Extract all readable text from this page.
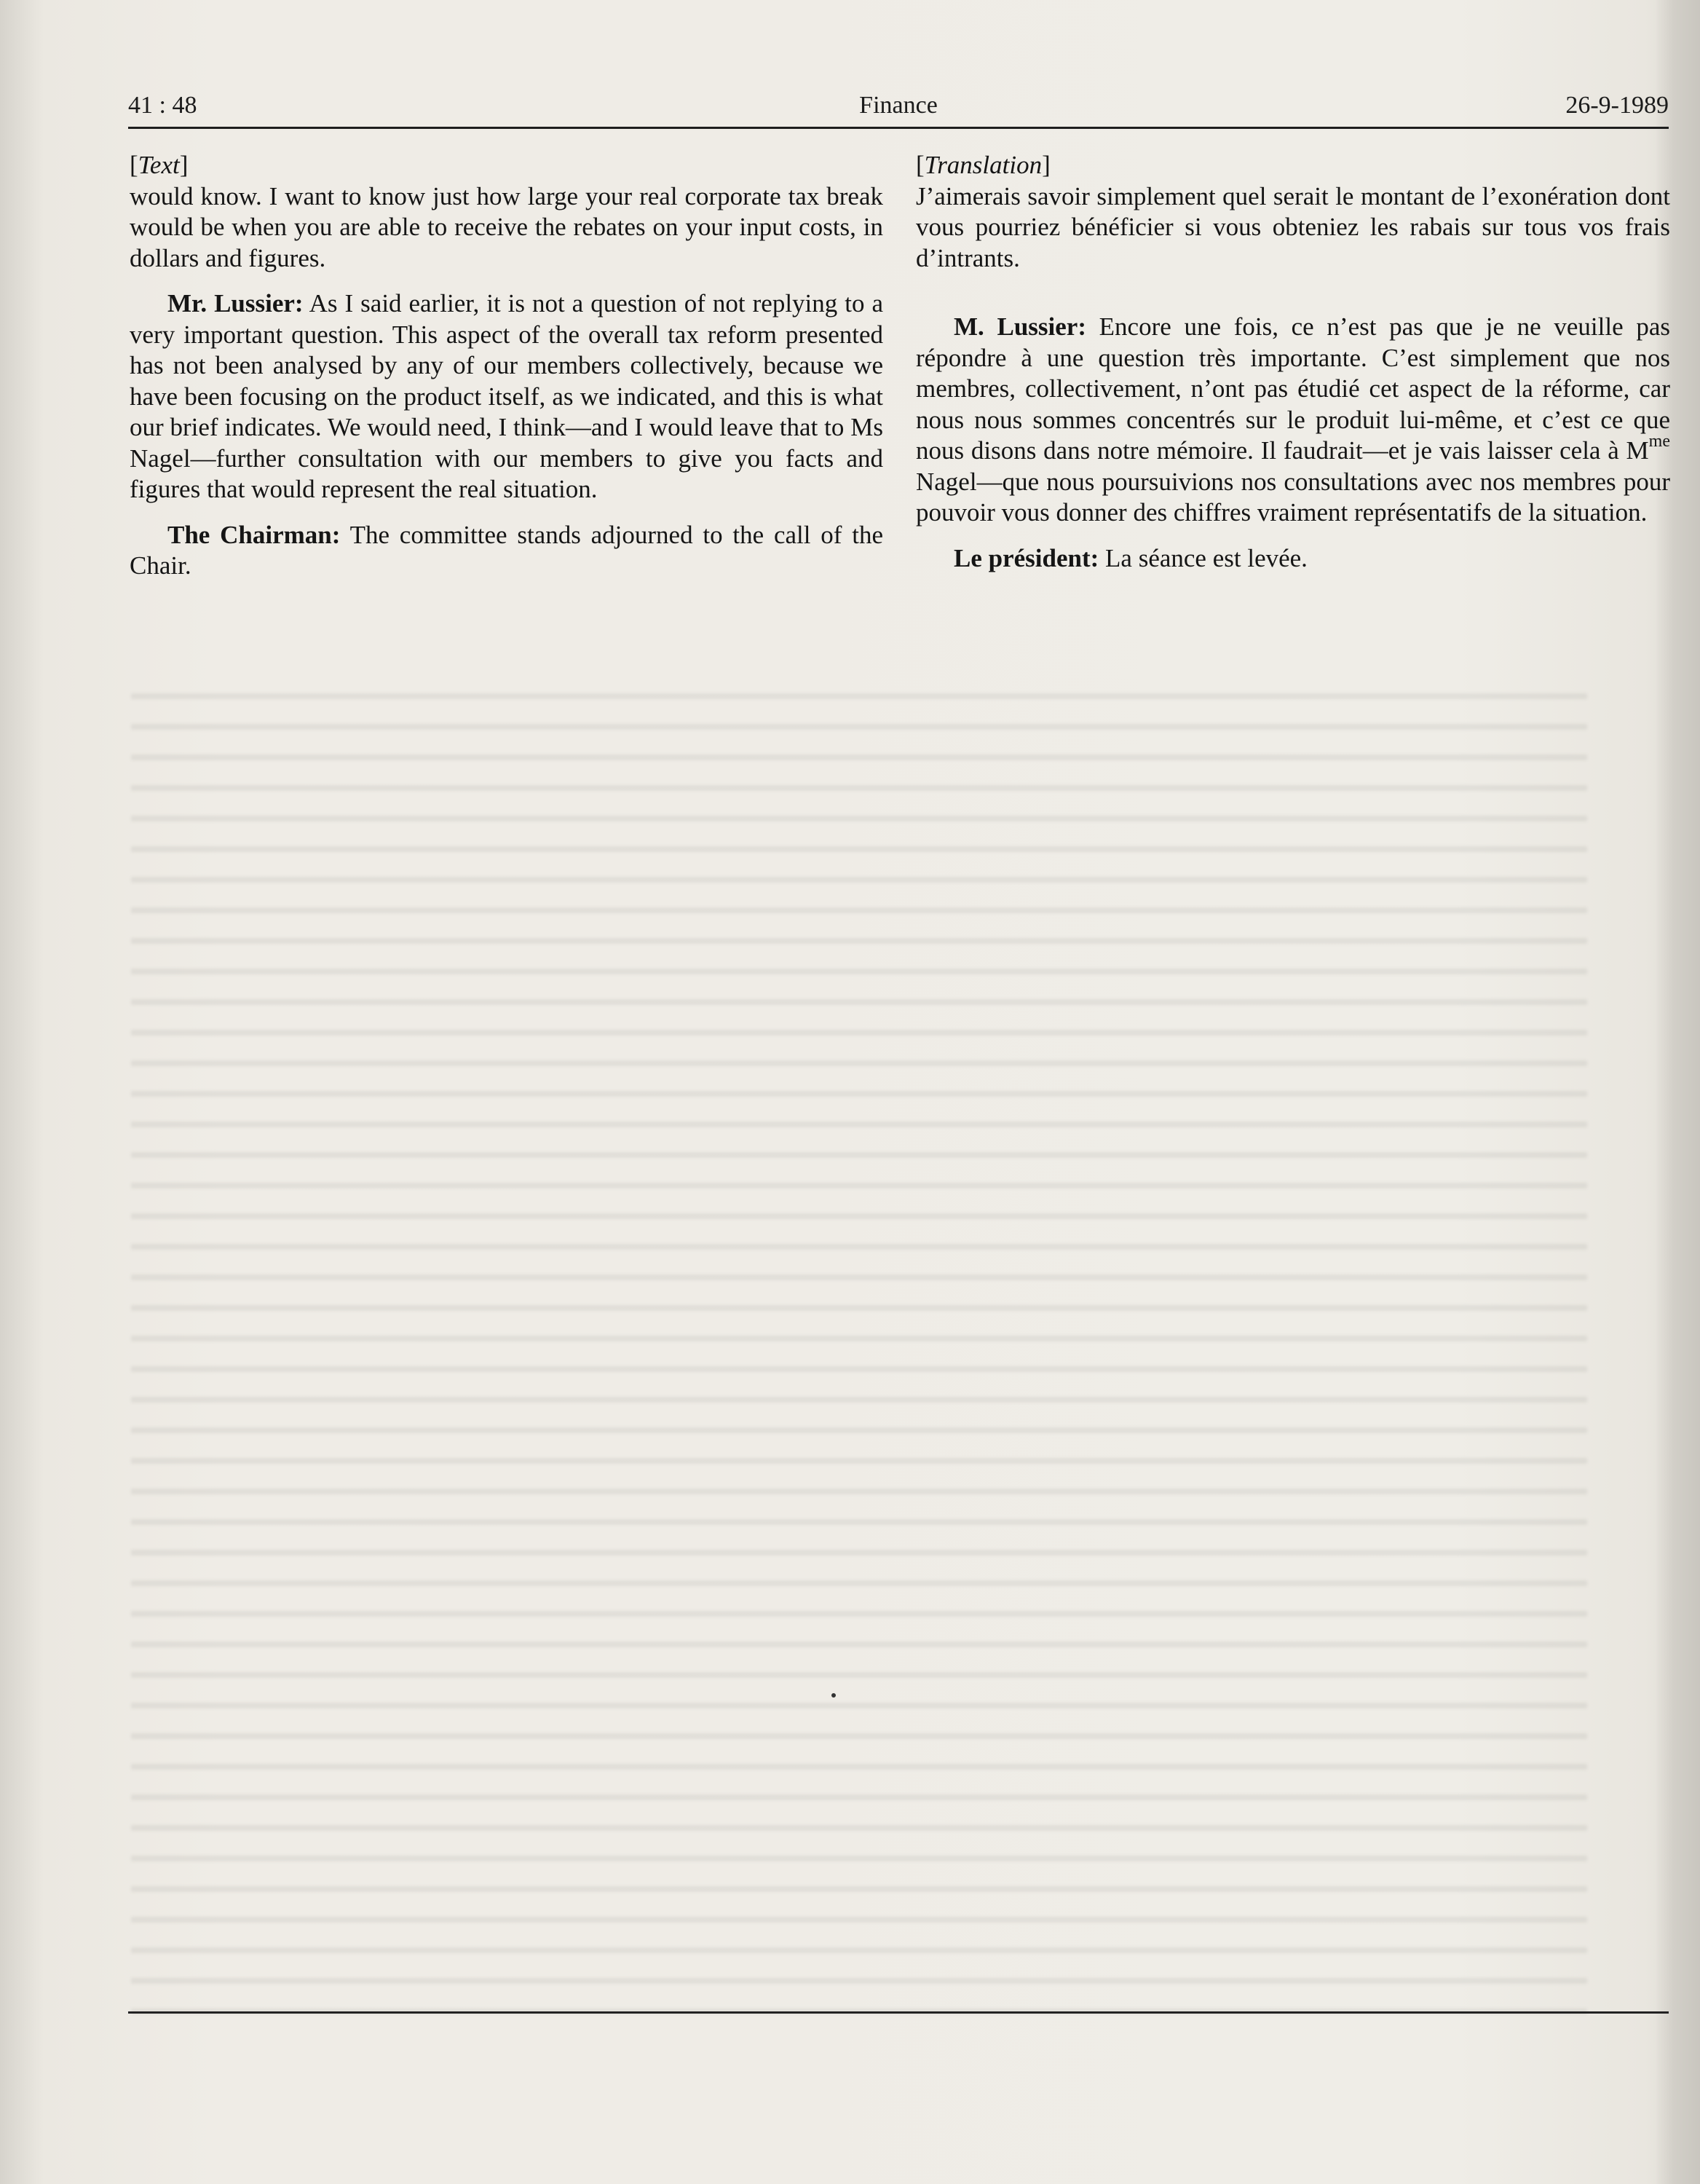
41 : 48	Finance	26-9-1989

[Text]

would know. I want to know just how large your real corporate tax break would be when you are able to receive the rebates on your input costs, in dollars and figures.

Mr. Lussier: As I said earlier, it is not a question of not replying to a very important question. This aspect of the overall tax reform presented has not been analysed by any of our members collectively, because we have been focusing on the product itself, as we indicated, and this is what our brief indicates. We would need, I think—and I would leave that to Ms Nagel—further consultation with our members to give you facts and figures that would represent the real situation.

The Chairman: The committee stands adjourned to the call of the Chair.

[Translation]

J’aimerais savoir simplement quel serait le montant de l’exonération dont vous pourriez bénéficier si vous obteniez les rabais sur tous vos frais d’intrants.

M. Lussier: Encore une fois, ce n’est pas que je ne veuille pas répondre à une question très importante. C’est simplement que nos membres, collectivement, n’ont pas étudié cet aspect de la réforme, car nous nous sommes concentrés sur le produit lui-même, et c’est ce que nous disons dans notre mémoire. Il faudrait—et je vais laisser cela à $M^{me}$ Nagel—que nous poursuivions nos consultations avec nos membres pour pouvoir vous donner des chiffres vraiment représentatifs de la situation.

Le président: La séance est levée.
